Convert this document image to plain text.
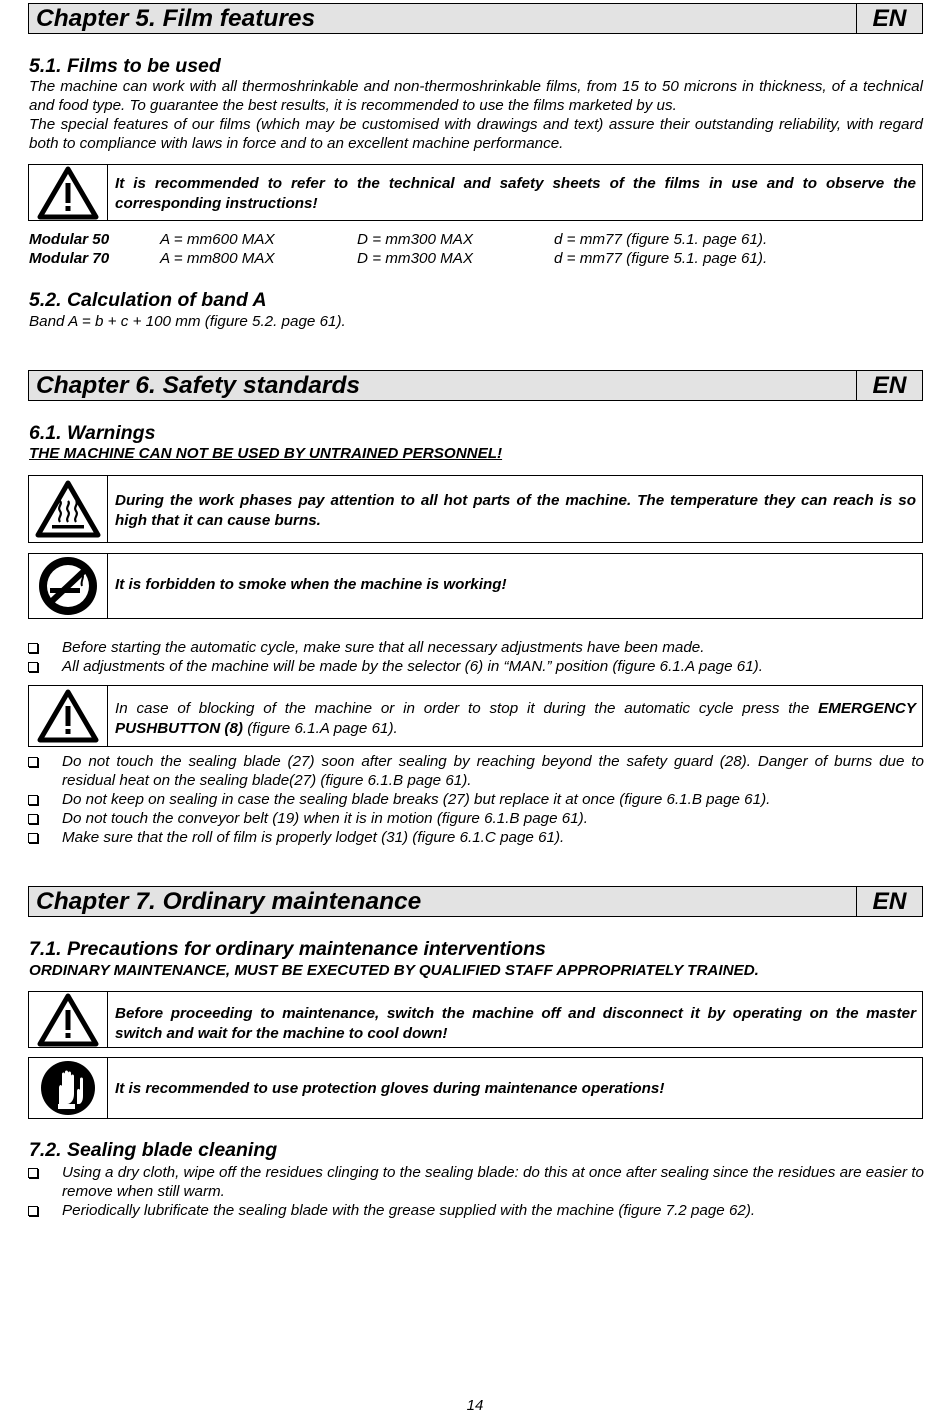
Chapter 5. Film features	EN
5.1. Films to be used
The machine can work with all thermoshrinkable and non-thermoshrinkable films, from 15 to 50 microns in thickness, of a technical and food type. To guarantee the best results, it is recommended to use the films marketed by us.
The special features of our films (which may be customised with drawings and text) assure their outstanding reliability, with regard both to compliance with laws in force and to an excellent machine performance.
It is recommended to refer to the technical and safety sheets of the films in use and to observe the corresponding instructions!
Modular 50	A = mm600 MAX	D = mm300 MAX	d = mm77 (figure 5.1. page 61).
Modular 70	A = mm800 MAX	D = mm300 MAX	d = mm77 (figure 5.1. page 61).
5.2. Calculation of band A
Band A = b + c + 100 mm (figure 5.2. page 61).
Chapter 6. Safety standards	EN
6.1. Warnings
THE MACHINE CAN NOT BE USED BY UNTRAINED PERSONNEL!
During the work phases pay attention to all hot parts of the machine. The temperature they can reach is so high that it can cause burns.
It is forbidden to smoke when the machine is working!
Before starting the automatic cycle, make sure that all necessary adjustments have been made.
All adjustments of the machine will be made by the selector (6) in “MAN.” position (figure 6.1.A page 61).
In case of blocking of the machine or in order to stop it during the automatic cycle press the EMERGENCY PUSHBUTTON (8) (figure 6.1.A page 61).
Do not touch the sealing blade (27) soon after sealing by reaching beyond the safety guard (28). Danger of burns due to residual heat on the sealing blade(27) (figure 6.1.B page 61).
Do not keep on sealing in case the sealing blade breaks (27) but replace it at once (figure 6.1.B page 61).
Do not touch the conveyor belt (19) when it is in motion (figure 6.1.B page 61).
Make sure that the roll of film is properly lodget (31) (figure 6.1.C page 61).
Chapter 7. Ordinary maintenance	EN
7.1. Precautions for ordinary maintenance interventions
ORDINARY MAINTENANCE, MUST BE EXECUTED BY QUALIFIED STAFF APPROPRIATELY TRAINED.
Before proceeding to maintenance, switch the machine off and disconnect it by operating on the master switch and wait for the machine to cool down!
It is recommended to use protection gloves during maintenance operations!
7.2. Sealing blade cleaning
Using a dry cloth, wipe off the residues clinging to the sealing blade: do this at once after sealing since the residues are easier to remove when still warm.
Periodically lubrificate the sealing blade with the grease supplied with the machine (figure 7.2 page 62).
14
